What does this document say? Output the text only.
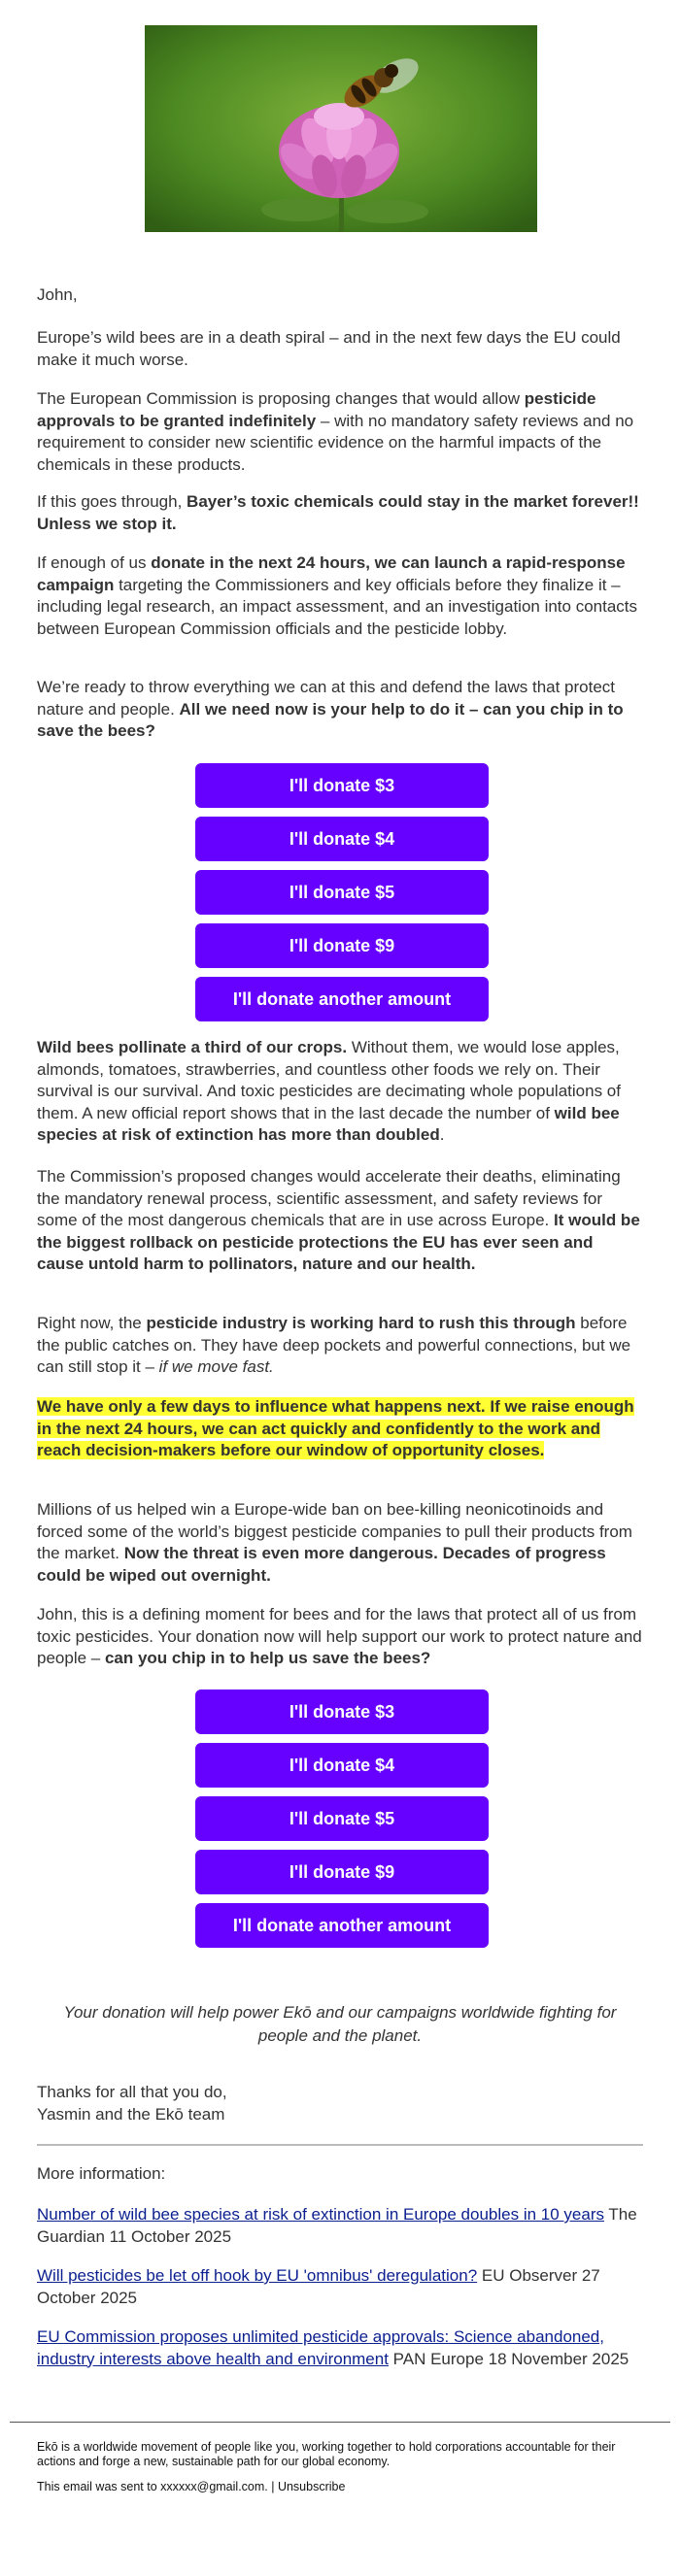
John,

Europe’s wild bees are in a death spiral – and in the next few days the EU could make it much worse.

The European Commission is proposing changes that would allow pesticide approvals to be granted indefinitely – with no mandatory safety reviews and no requirement to consider new scientific evidence on the harmful impacts of the chemicals in these products.

If this goes through, Bayer’s toxic chemicals could stay in the market forever!! Unless we stop it.

If enough of us donate in the next 24 hours, we can launch a rapid-response campaign targeting the Commissioners and key officials before they finalize it – including legal research, an impact assessment, and an investigation into contacts between European Commission officials and the pesticide lobby.

We’re ready to throw everything we can at this and defend the laws that protect nature and people. All we need now is your help to do it – can you chip in to save the bees?

I'll donate $3
I'll donate $4
I'll donate $5
I'll donate $9
I'll donate another amount

Wild bees pollinate a third of our crops. Without them, we would lose apples, almonds, tomatoes, strawberries, and countless other foods we rely on. Their survival is our survival. And toxic pesticides are decimating whole populations of them. A new official report shows that in the last decade the number of wild bee species at risk of extinction has more than doubled.

The Commission’s proposed changes would accelerate their deaths, eliminating the mandatory renewal process, scientific assessment, and safety reviews for some of the most dangerous chemicals that are in use across Europe. It would be the biggest rollback on pesticide protections the EU has ever seen and cause untold harm to pollinators, nature and our health.

Right now, the pesticide industry is working hard to rush this through before the public catches on. They have deep pockets and powerful connections, but we can still stop it – if we move fast.

We have only a few days to influence what happens next. If we raise enough in the next 24 hours, we can act quickly and confidently to the work and reach decision-makers before our window of opportunity closes.

Millions of us helped win a Europe-wide ban on bee-killing neonicotinoids and forced some of the world’s biggest pesticide companies to pull their products from the market. Now the threat is even more dangerous. Decades of progress could be wiped out overnight.

John, this is a defining moment for bees and for the laws that protect all of us from toxic pesticides. Your donation now will help support our work to protect nature and people – can you chip in to help us save the bees?

I'll donate $3
I'll donate $4
I'll donate $5
I'll donate $9
I'll donate another amount
Your donation will help power Ekō and our campaigns worldwide fighting for people and the planet.

Thanks for all that you do,

Yasmin and the Ekō team

More information:

Number of wild bee species at risk of extinction in Europe doubles in 10 years The Guardian 11 October 2025

Will pesticides be let off hook by EU 'omnibus' deregulation? EU Observer 27 October 2025

EU Commission proposes unlimited pesticide approvals: Science abandoned, industry interests above health and environment PAN Europe 18 November 2025

Ekō is a worldwide movement of people like you, working together to hold corporations accountable for their actions and forge a new, sustainable path for our global economy.
This email was sent to xxxxxx@gmail.com. | Unsubscribe
